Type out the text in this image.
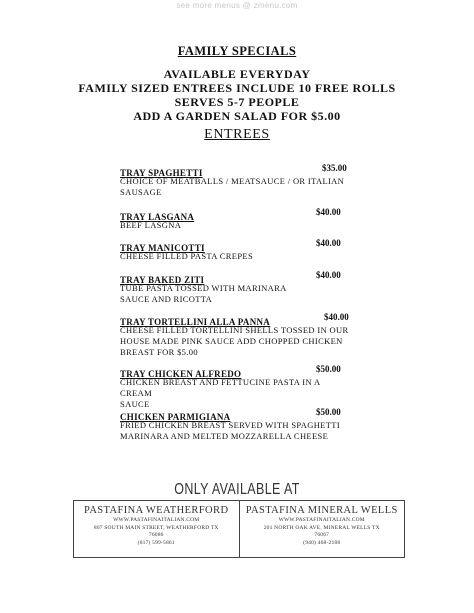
see more menus @ zmenu.com
FAMILY SPECIALS
AVAILABLE EVERYDAY
FAMILY SIZED ENTREES INCLUDE 10 FREE ROLLS
SERVES 5-7 PEOPLE
ADD A GARDEN SALAD FOR $5.00
ENTREES
TRAY SPAGHETTI	$35.00
CHOICE OF MEATBALLS / MEATSAUCE / OR ITALIAN
SAUSAGE
TRAY LASGANA	$40.00
BEEF LASGNA
TRAY MANICOTTI	$40.00
CHEESE FILLED PASTA CREPES
TRAY BAKED ZITI	$40.00
TUBE PASTA TOSSED WITH MARINARA
SAUCE AND RICOTTA
TRAY TORTELLINI ALLA PANNA	$40.00
CHEESE FILLED TORTELLINI SHELLS TOSSED IN OUR
HOUSE MADE PINK SAUCE ADD CHOPPED CHICKEN
BREAST FOR $5.00
TRAY CHICKEN ALFREDO	$50.00
CHICKEN BREAST AND FETTUCINE PASTA IN A CREAM
SAUCE
CHICKEN PARMIGIANA	$50.00
FRIED CHICKEN BREAST SERVED WITH SPAGHETTI
MARINARA AND MELTED MOZZARELLA CHEESE
ONLY AVAILABLE AT
PASTAFINA WEATHERFORD
WWW.PASTAFINAITALIAN.COM
807 SOUTH MAIN STREET, WEATHERFORD TX
76086
(817) 599-5861
PASTAFINA MINERAL WELLS
WWW.PASTAFINAITALIAN.COM
201 NORTH OAK AVE, MINERAL WELLS TX
76067
(940) 468-2188
